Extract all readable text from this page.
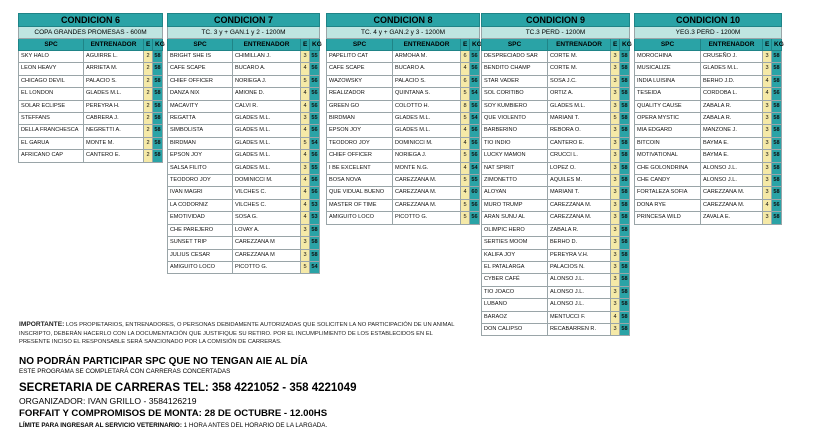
CONDICION 6			
COPA GRANDES PROMESAS - 600M			
SPC	ENTRENADOR	E	KG
SKY HALO	AGUIRRE L.	2	58
LEON HEAVY	ARRIETA M.	2	58
CHICAGO DEVIL	PALACIO S.	2	58
EL LONDON	GLADES M.L.	2	58
SOLAR ECLIPSE	PEREYRA H.	2	58
STEFFANS	CABRERA J.	2	58
DELLA FRANCHESCA	NEGRETTI A.	2	58
EL GARUA	MONTE M.	2	58
AFRICANO CAP	CANTERO E.	2	58
CONDICION 7			
TC. 3 y + GAN.1 y 2 - 1200M			
SPC	ENTRENADOR	E	KG
BRIGHT SHE IS	CHIMILLAN J.	3	55
CAFE SCAPE	BUCARO A.	4	56
CHIEF OFFICER	NORIEGA J.	5	56
DANZA NIX	AMIONE D.	4	56
MACAVITY	CALVI R.	4	56
REGATTA	GLADES M.L.	3	55
SIMBOLISTA	GLADES M.L.	4	56
BIRDMAN	GLADES M.L.	5	54
EPSON JOY	GLADES M.L.	4	56
SALSA FILITO	GLADES M.L.	3	55
TEODORO JOY	DOMINICCI M.	4	56
IVAN MAGRI	VILCHES C.	4	56
LA CODORNIZ	VILCHES C.	4	53
EMOTIVIDAD	SOSA G.	4	53
CHE PAREJERO	LOVAY A.	3	58
SUNSET TRIP	CAREZZANA M	3	58
JULIUS CESAR	CAREZZANA M	3	58
AMIGUITO LOCO	PICOTTO G.	5	54
CONDICION 8			
TC. 4 y + GAN.2 y 3 - 1200M			
SPC	ENTRENADOR	E	KG
PAPELITO CAT	ARMOHA M.	6	56
CAFE SCAPE	BUCARO A.	4	56
WAZOWSKY	PALACIO S.	6	56
REALIZADOR	QUINTANA S.	5	54
GREEN GO	COLOTTO H.	8	56
BIRDMAN	GLADES M.L.	5	54
EPSON JOY	GLADES M.L.	4	56
TEODORO JOY	DOMINICCI M.	4	56
CHIEF OFFICER	NORIEGA J.	5	56
I BE EXCELENT	MONTE N.G.	4	54
BOSA NOVA	CAREZZANA M.	5	55
QUE VIDUAL BUENO	CAREZZANA M.	4	60
MASTER OF TIME	CAREZZANA M.	5	56
AMIGUITO LOCO	PICOTTO G.	5	56
CONDICION 9			
TC.3 PERD - 1200M			
SPC	ENTRENADOR	E	KG
DESPRECIADO SAR	CORTE M.	3	58
BENDITO CHAMP	CORTE M.	3	58
STAR VADER	SOSA J.C.	3	58
SOL CORITIBO	ORTIZ A.	3	58
SOY KUMBIERO	GLADES M.L.	3	58
QUE VIOLENTO	MARIANI T.	5	58
BARBERINO	REBORA O.	3	58
TIO INDIO	CANTERO E.	3	58
LUCKY MAMON	CRUCCI L.	3	58
NAT SPIRIT	LOPEZ O.	3	58
ZIMONETTO	AQUILES M.	3	58
ALOYAN	MARIANI T.	3	58
MURO TRUMP	CAREZZANA M.	3	58
ARAN SUNU AL	CAREZZANA M.	3	58
OLIMPIC HERO	ZABALA R.	3	58
SERTIES MOOM	BERHO D.	3	58
KALIFA JOY	PEREYRA V.H.	3	58
EL PATALARGA	PALACIOS N.	3	58
CYBER CAFÉ	ALONSO J.L.	3	58
TIO JOACO	ALONSO J.L.	3	58
LUBANO	ALONSO J.L.	3	58
BARAOZ	MENTUCCI F.	4	58
DON CALIPSO	RECABARREN R.	3	58
CONDICION 10			
YEG.3 PERD - 1200M			
SPC	ENTRENADOR	E	KG
MOROCHINA	CRUSEÑO J.	3	58
MUSICALIZE	GLADES M.L.	3	58
INDIA LUISINA	BERHO J.D.	4	58
TESEIDA	CORDOBA L.	4	56
QUALITY CAUSE	ZABALA R.	3	58
OPERA MYSTIC	ZABALA R.	3	58
MIA EDGARD	MANZONE J.	3	58
BITCOIN	BAYMA E.	3	58
MOTIVATIONAL	BAYMA E.	3	58
CHE GOLONDRINA	ALONSO J.L.	3	58
CHE CANDY	ALONSO J.L.	3	58
FORTALEZA SOFIA	CAREZZANA M.	3	58
DONA RYE	CAREZZANA M.	4	56
PRINCESA WILD	ZAVALA E.	3	58
IMPORTANTE: LOS PROPIETARIOS, ENTRENADORES, O PERSONAS DEBIDAMENTE AUTORIZADAS QUE SOLICITEN LA NO PARTICIPACIÓN DE UN ANIMAL INSCRIPTO, DEBERÁN HACERLO CON LA DOCUMENTACIÓN QUE JUSTIFIQUE SU RETIRO. POR EL INCUMPLIMIENTO DE LOS ESTABLECIDOS EN EL PRESENTE INCISO EL RESPONSABLE SERÁ SANCIONADO POR LA COMISIÓN DE CARRERAS.
NO PODRÁN PARTICIPAR SPC QUE NO TENGAN AIE AL DÍA
ESTE PROGRAMA SE COMPLETARÁ CON CARRERAS CONCERTADAS
SECRETARIA DE CARRERAS TEL: 358 4221052 - 358 4221049
ORGANIZADOR: IVAN GRILLO - 3584126219
FORFAIT Y COMPROMISOS DE MONTA: 28 DE OCTUBRE - 12.00HS
LÍMITE PARA INGRESAR AL SERVICIO VETERINARIO: 1 HORA ANTES DEL HORARIO DE LA LARGADA.
